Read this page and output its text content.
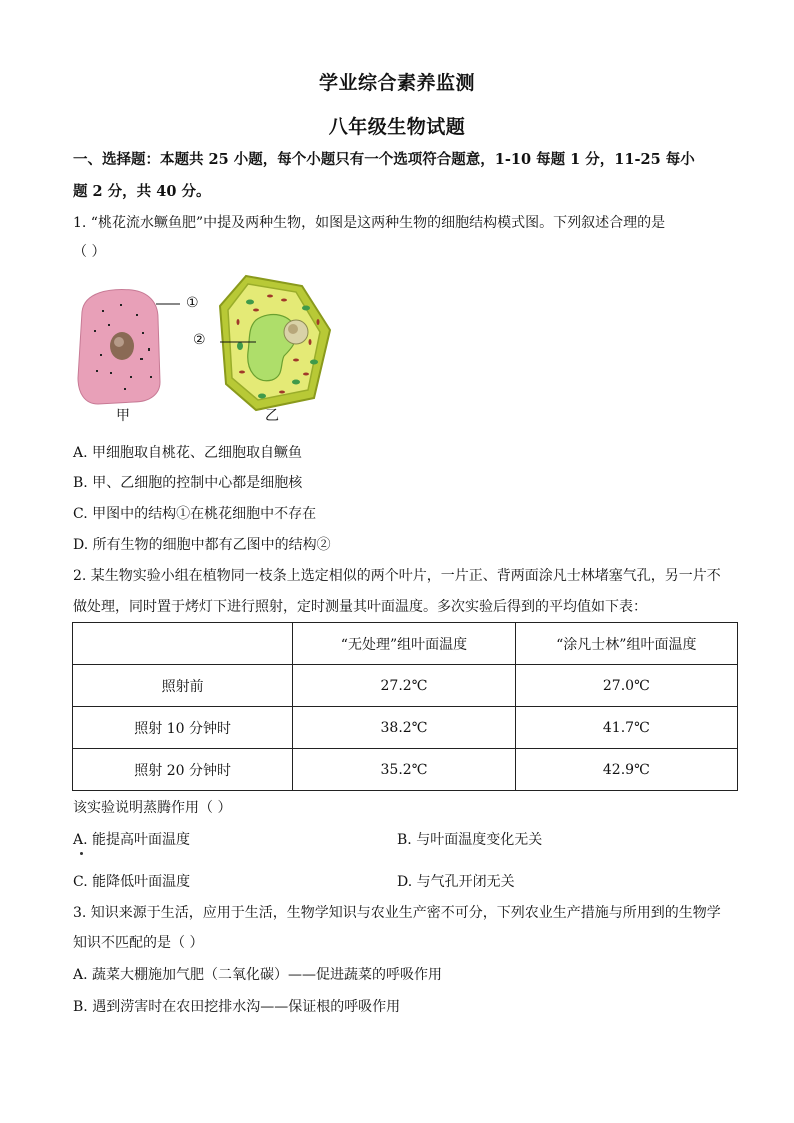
学业综合素养监测
八年级生物试题
一、选择题：本题共 25 小题，每个小题只有一个选项符合题意，1-10 每题 1 分，11-25 每小
题 2 分，共 40 分。
1. “桃花流水鳜鱼肥”中提及两种生物，如图是这两种生物的细胞结构模式图。下列叙述合理的是
（ ）
①
②
甲	乙
A. 甲细胞取自桃花、乙细胞取自鳜鱼
B. 甲、乙细胞的控制中心都是细胞核
C. 甲图中的结构①在桃花细胞中不存在
D. 所有生物的细胞中都有乙图中的结构②
2. 某生物实验小组在植物同一枝条上选定相似的两个叶片，一片正、背两面涂凡士林堵塞气孔，另一片不
做处理，同时置于烤灯下进行照射，定时测量其叶面温度。多次实验后得到的平均值如下表：
	“无处理”组叶面温度	“涂凡士林”组叶面温度
照射前	27.2℃	27.0℃
照射 10 分钟时	38.2℃	41.7℃
照射 20 分钟时	35.2℃	42.9℃
该实验说明蒸腾作用（ ）
A. 能提高叶面温度	B. 与叶面温度变化无关
C. 能降低叶面温度	D. 与气孔开闭无关
3. 知识来源于生活，应用于生活，生物学知识与农业生产密不可分，下列农业生产措施与所用到的生物学
知识不匹配的是（ ）
A. 蔬菜大棚施加气肥（二氧化碳）——促进蔬菜的呼吸作用
B. 遇到涝害时在农田挖排水沟——保证根的呼吸作用
